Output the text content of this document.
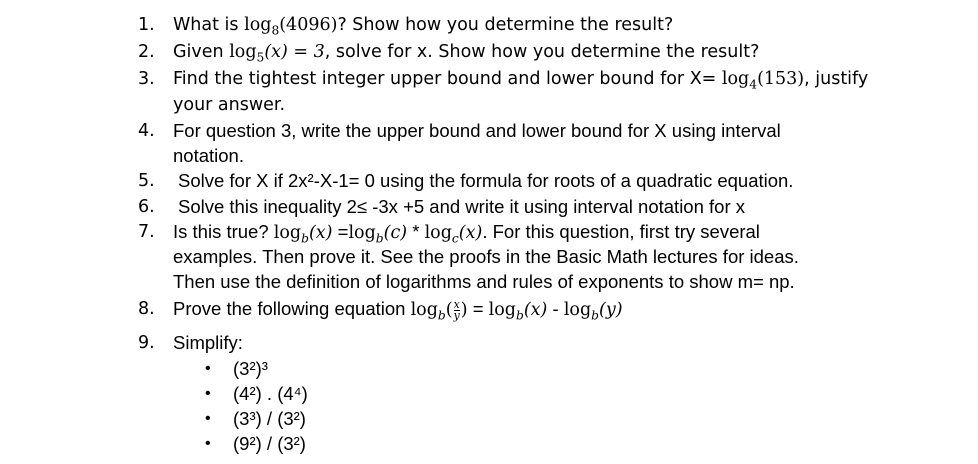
1.	What is $\log_8(4096)$? Show how you determine the result?
2.	Given $\log_5(x) = 3$, solve for x. Show how you determine the result?
3.	Find the tightest integer upper bound and lower bound for $X= \log_4(153)$, justify
your answer.
4. For question 3, write the upper bound and lower bound for X using interval
notation.
5.	Solve for X if 2x²-X-1= 0 using the formula for roots of a quadratic equation.
6.	Solve this inequality 2≤ -3x +5 and write it using interval notation for x
7. Is this true? $\log_b(x) =\log_b(c) * \log_c(x)$. For this question, first try several
examples. Then prove it. See the proofs in the Basic Math lectures for ideas.
Then use the definition of logarithms and rules of exponents to show m= np.
8. Prove the following equation $\log_b( \frac{x}{y}$ ) = $\log_b(x) - \log_b(y)$
9. Simplify:
• (3²)³
• (4²) . (4⁴)
• (3³) / (3²)
• (9²) / (3²)
